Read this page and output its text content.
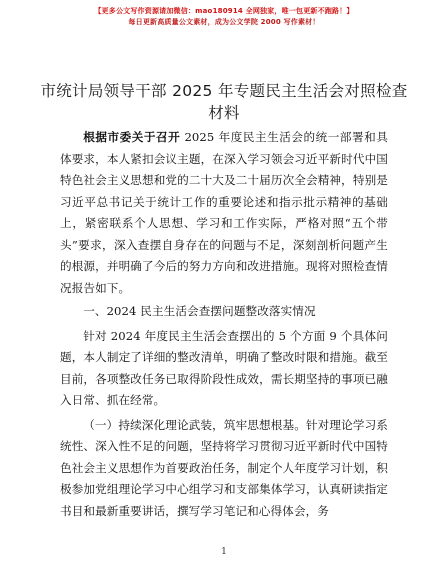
【更多公文写作资源请加微信：mao180914 全网独家，唯一包更新不跑路！】
每日更新高质量公文素材，成为公文学院 2000 写作素材！
市统计局领导干部 2025 年专题民主生活会对照检查材料

根据市委关于召开 2025 年度民主生活会的统一部署和具体要求，本人紧扣会议主题，在深入学习领会习近平新时代中国特色社会主义思想和党的二十大及二十届历次全会精神，特别是习近平总书记关于统计工作的重要论述和指示批示精神的基础上，紧密联系个人思想、学习和工作实际，严格对照“五个带头”要求，深入查摆自身存在的问题与不足，深刻剖析问题产生的根源，并明确了今后的努力方向和改进措施。现将对照检查情况报告如下。

一、2024 民主生活会查摆问题整改落实情况

针对 2024 年度民主生活会查摆出的 5 个方面 9 个具体问题，本人制定了详细的整改清单，明确了整改时限和措施。截至目前，各项整改任务已取得阶段性成效，需长期坚持的事项已融入日常、抓在经常。

（一）持续深化理论武装，筑牢思想根基。针对理论学习系统性、深入性不足的问题，坚持将学习贯彻习近平新时代中国特色社会主义思想作为首要政治任务，制定个人年度学习计划，积极参加党组理论学习中心组学习和支部集体学习，认真研读指定书目和最新重要讲话，撰写学习笔记和心得体会，务

1
